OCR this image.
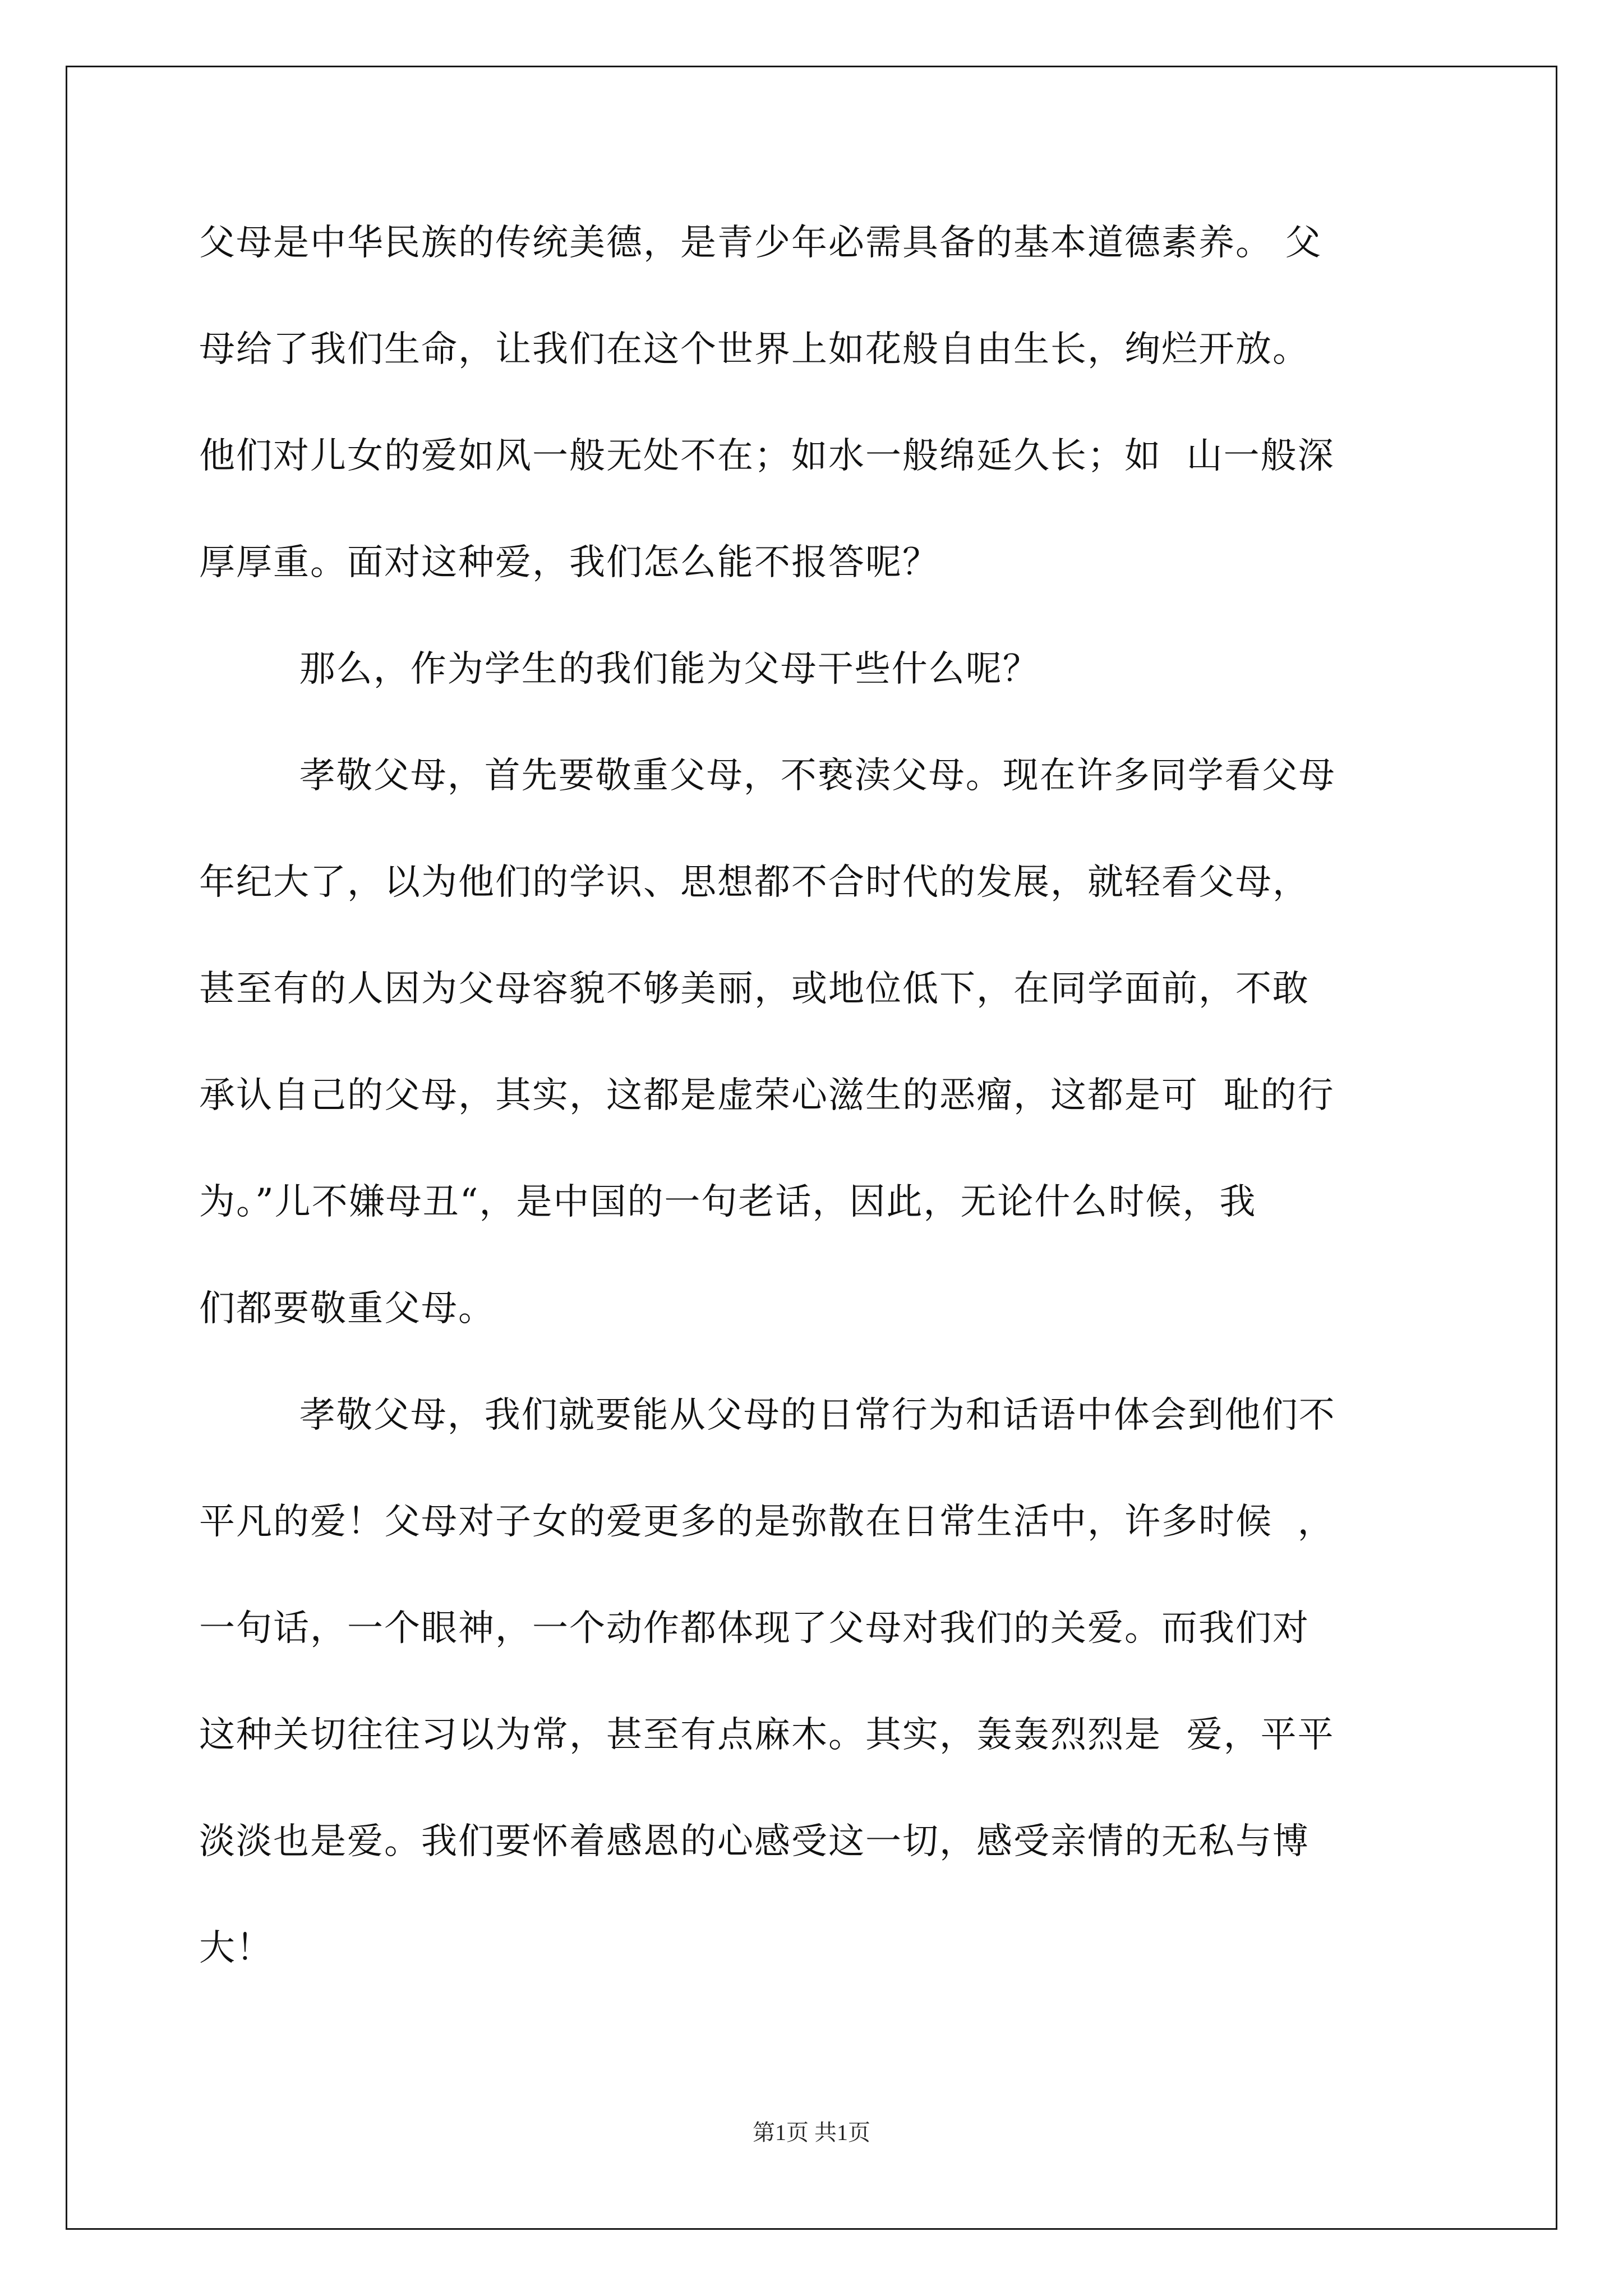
父母是中华民族的传统美德，是青少年必需具备的基本道德素养。 父
母给了我们生命，让我们在这个世界上如花般自由生长，绚烂开放。
他们对儿女的爱如风一般无处不在；如水一般绵延久长；如  山一般深
厚厚重。面对这种爱，我们怎么能不报答呢？
那么，作为学生的我们能为父母干些什么呢？
孝敬父母，首先要敬重父母，不亵渎父母。现在许多同学看父母
年纪大了，以为他们的学识、思想都不合时代的发展，就轻看父母，
甚至有的人因为父母容貌不够美丽，或地位低下，在同学面前，不敢
承认自己的父母，其实，这都是虚荣心滋生的恶瘤，这都是可  耻的行
为。”儿不嫌母丑“，是中国的一句老话，因此，无论什么时候，我
们都要敬重父母。
孝敬父母，我们就要能从父母的日常行为和话语中体会到他们不
平凡的爱！父母对子女的爱更多的是弥散在日常生活中，许多时候  ，
一句话，一个眼神，一个动作都体现了父母对我们的关爱。而我们对
这种关切往往习以为常，甚至有点麻木。其实，轰轰烈烈是  爱，平平
淡淡也是爱。我们要怀着感恩的心感受这一切，感受亲情的无私与博
大！
第1页 共1页
